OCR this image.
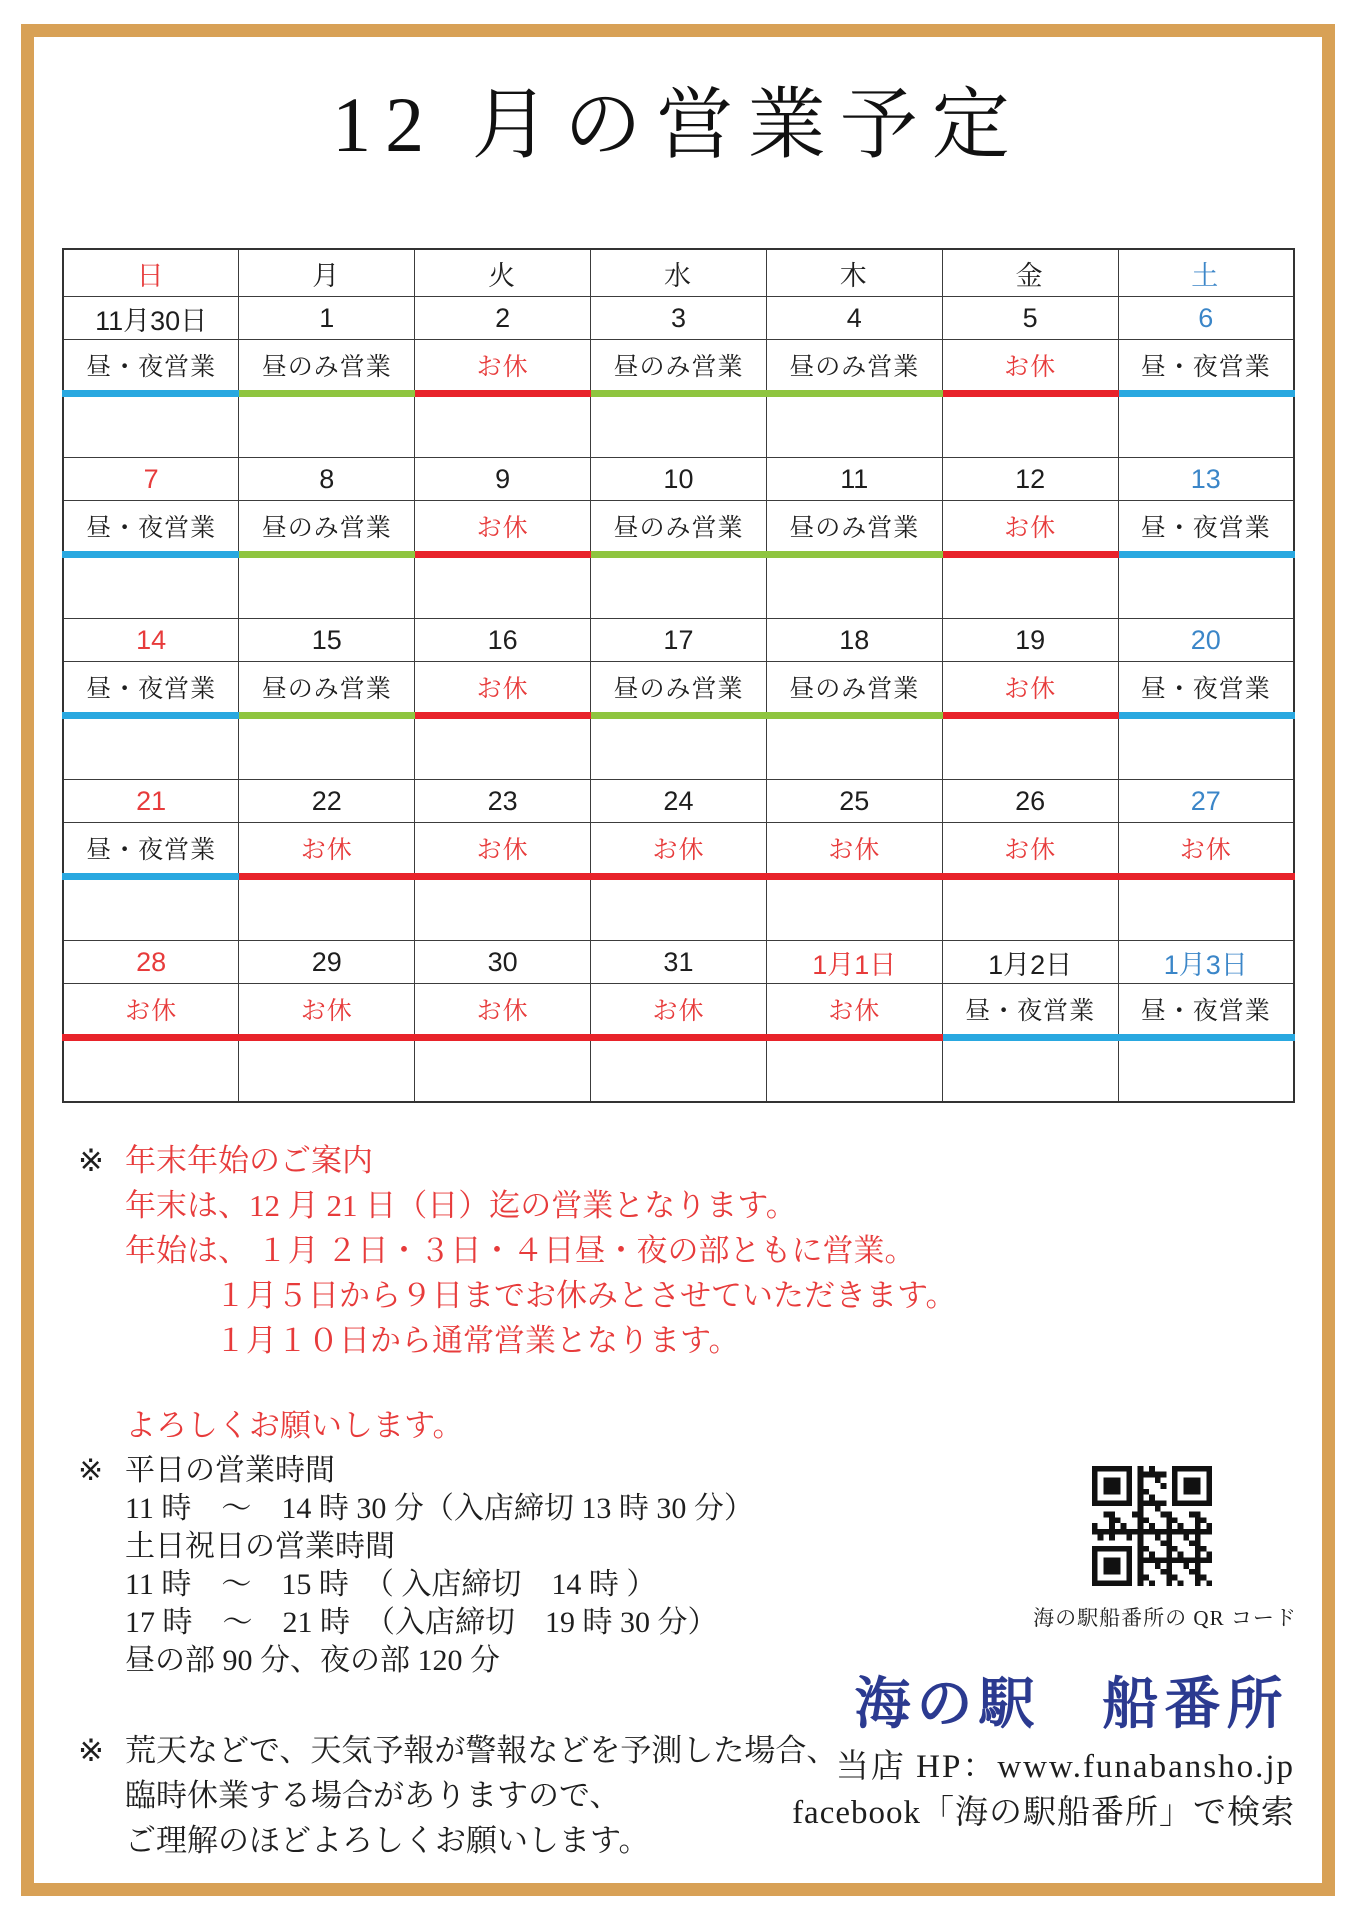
12 月の営業予定
日	月	火	水	木	金	土
11月30日	1	2	3	4	5	6
昼・夜営業	昼のみ営業	お休	昼のみ営業	昼のみ営業	お休	昼・夜営業

7	8	9	10	11	12	13
昼・夜営業	昼のみ営業	お休	昼のみ営業	昼のみ営業	お休	昼・夜営業

14	15	16	17	18	19	20
昼・夜営業	昼のみ営業	お休	昼のみ営業	昼のみ営業	お休	昼・夜営業

21	22	23	24	25	26	27
昼・夜営業	お休	お休	お休	お休	お休	お休

28	29	30	31	1月1日	1月2日	1月3日
お休	お休	お休	お休	お休	昼・夜営業	昼・夜営業

※ 年末年始のご案内
年末は、12 月 21 日（日）迄の営業となります。
年始は、 １月 ２日・３日・４日昼・夜の部ともに営業。
１月５日から９日までお休みとさせていただきます。
１月１０日から通常営業となります。
よろしくお願いします。
※ 平日の営業時間
11 時　～　14 時 30 分（入店締切 13 時 30 分）
土日祝日の営業時間
11 時　～　15 時　（ 入店締切　14 時 ）
17 時　～　21 時　（入店締切　19 時 30 分）
昼の部 90 分、夜の部 120 分
※ 荒天などで、天気予報が警報などを予測した場合、
臨時休業する場合がありますので、
ご理解のほどよろしくお願いします。
海の駅船番所の QR コード
海の駅　船番所
当店 HP：www.funabansho.jp
facebook「海の駅船番所」で検索
